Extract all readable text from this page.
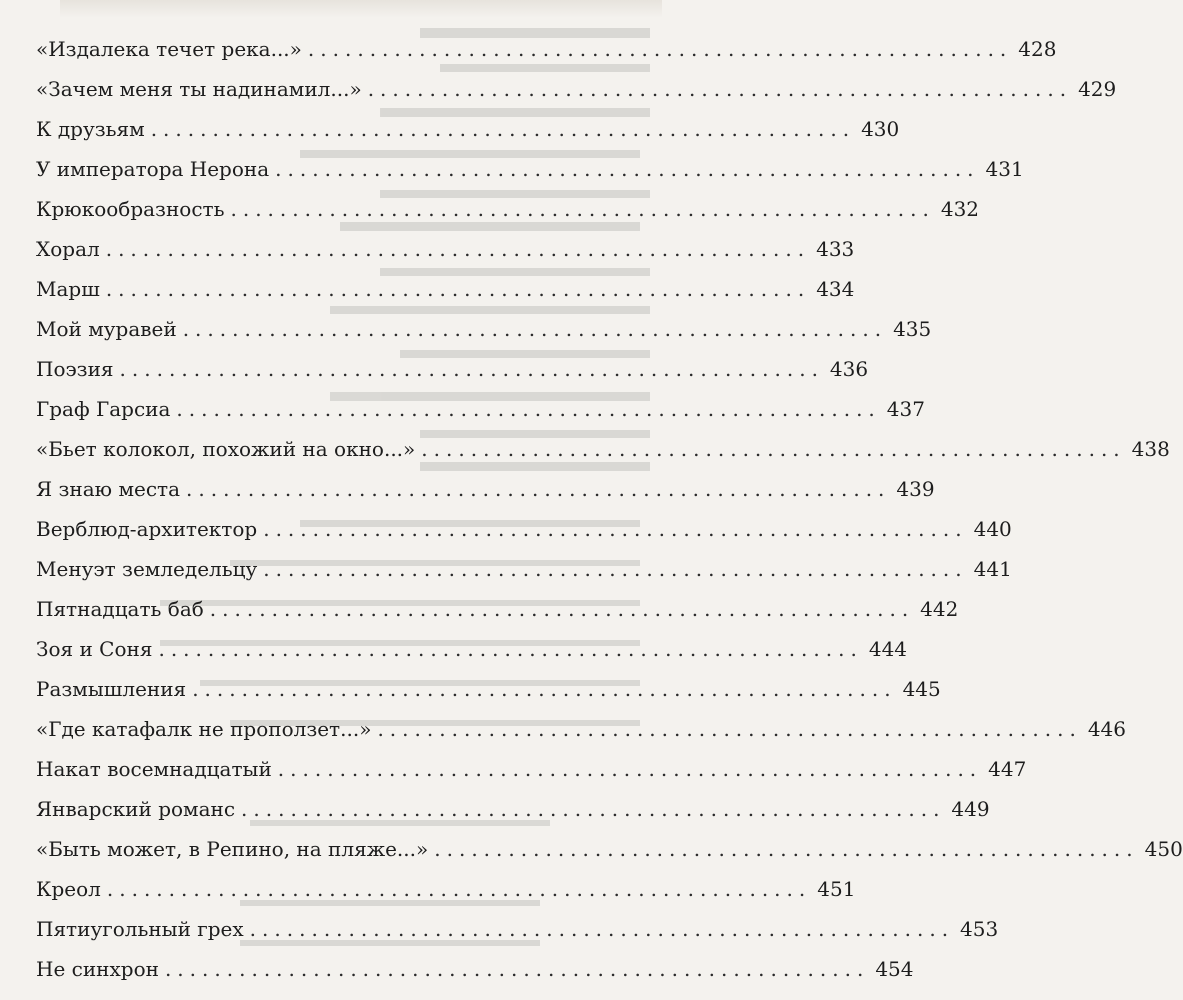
«Издалека течет река...» ......................................................... 428
«Зачем меня ты надинамил...» ......................................................... 429
К друзьям ......................................................... 430
У императора Нерона ......................................................... 431
Крюкообразность ......................................................... 432
Хорал ......................................................... 433
Марш ......................................................... 434
Мой муравей ......................................................... 435
Поэзия ......................................................... 436
Граф Гарсиа ......................................................... 437
«Бьет колокол, похожий на окно...» ......................................................... 438
Я знаю места ......................................................... 439
Верблюд-архитектор ......................................................... 440
Менуэт земледельцу ......................................................... 441
Пятнадцать баб ......................................................... 442
Зоя и Соня ......................................................... 444
Размышления ......................................................... 445
«Где катафалк не проползет...» ......................................................... 446
Накат восемнадцатый ......................................................... 447
Январский романс ......................................................... 449
«Быть может, в Репино, на пляже...» ......................................................... 450
Креол ......................................................... 451
Пятиугольный грех ......................................................... 453
Не синхрон ......................................................... 454
